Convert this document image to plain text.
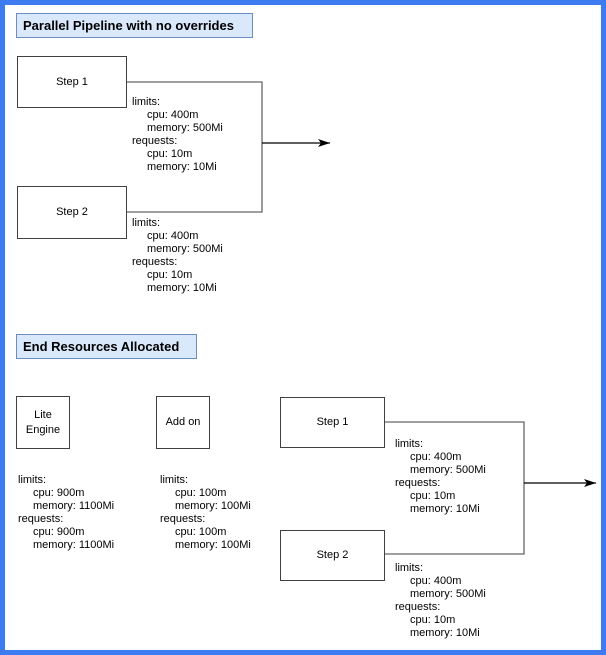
Parallel Pipeline with no overrides
Step 1
limits:
cpu: 400m
memory: 500Mi
requests:
cpu: 10m
memory: 10Mi
Step 2
limits:
cpu: 400m
memory: 500Mi
requests:
cpu: 10m
memory: 10Mi
End Resources Allocated
Lite Engine
limits:
cpu: 900m
memory: 1100Mi
requests:
cpu: 900m
memory: 1100Mi
Add on
limits:
cpu: 100m
memory: 100Mi
requests:
cpu: 100m
memory: 100Mi
Step 1
limits:
cpu: 400m
memory: 500Mi
requests:
cpu: 10m
memory: 10Mi
Step 2
limits:
cpu: 400m
memory: 500Mi
requests:
cpu: 10m
memory: 10Mi
